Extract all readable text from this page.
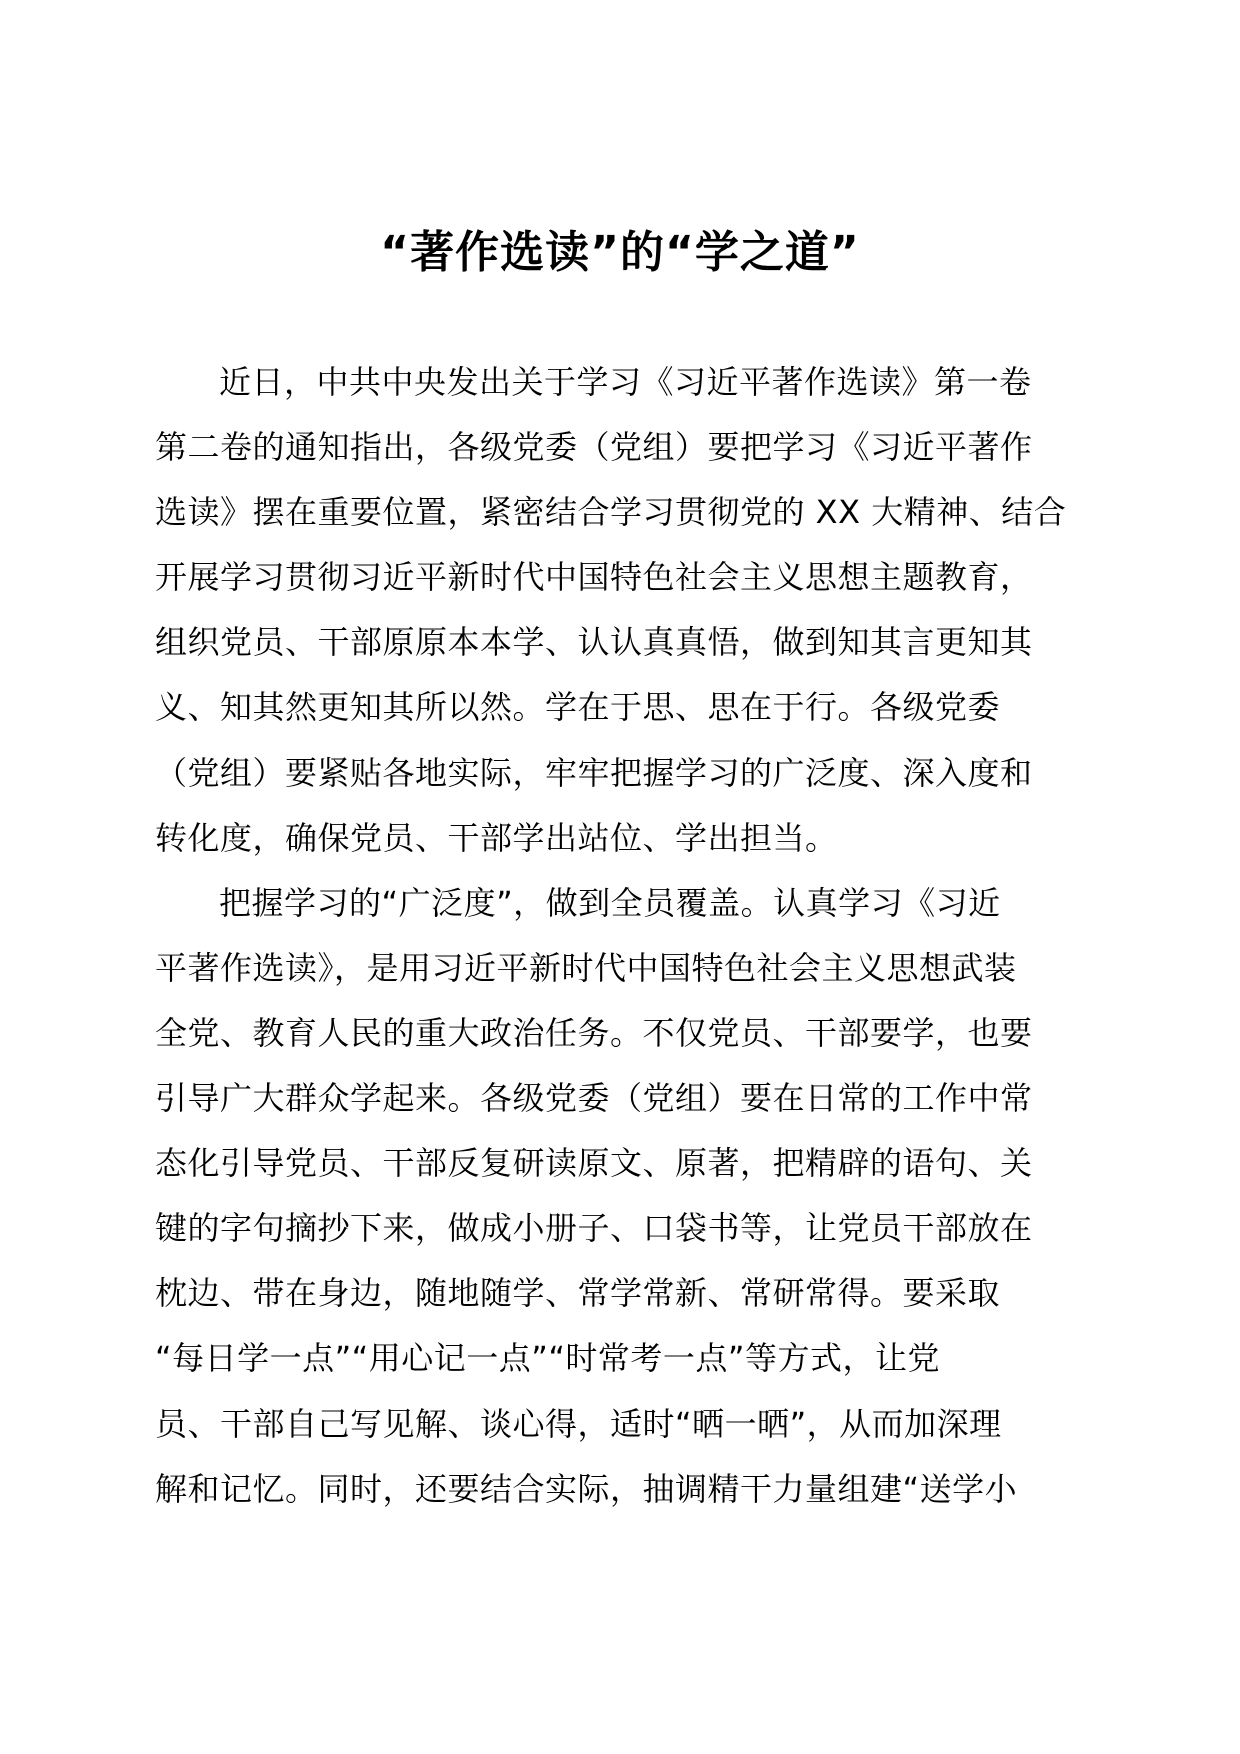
“著作选读”的“学之道”
近日，中共中央发出关于学习《习近平著作选读》第一卷
第二卷的通知指出，各级党委（党组）要把学习《习近平著作
选读》摆在重要位置，紧密结合学习贯彻党的 XX 大精神、结合
开展学习贯彻习近平新时代中国特色社会主义思想主题教育，
组织党员、干部原原本本学、认认真真悟，做到知其言更知其
义、知其然更知其所以然。学在于思、思在于行。各级党委
（党组）要紧贴各地实际，牢牢把握学习的广泛度、深入度和
转化度，确保党员、干部学出站位、学出担当。
把握学习的“广泛度”，做到全员覆盖。认真学习《习近
平著作选读》，是用习近平新时代中国特色社会主义思想武装
全党、教育人民的重大政治任务。不仅党员、干部要学，也要
引导广大群众学起来。各级党委（党组）要在日常的工作中常
态化引导党员、干部反复研读原文、原著，把精辟的语句、关
键的字句摘抄下来，做成小册子、口袋书等，让党员干部放在
枕边、带在身边，随地随学、常学常新、常研常得。要采取
“每日学一点”“用心记一点”“时常考一点”等方式，让党
员、干部自己写见解、谈心得，适时“晒一晒”，从而加深理
解和记忆。同时，还要结合实际，抽调精干力量组建“送学小
